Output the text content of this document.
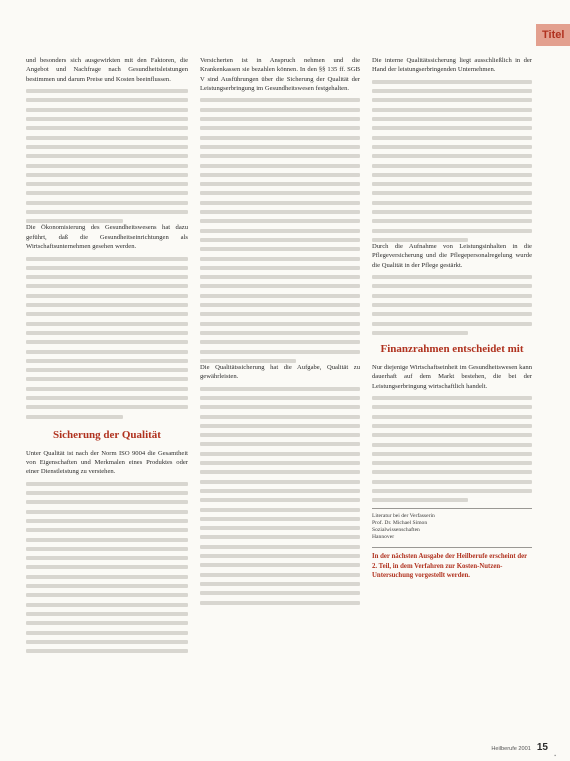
Titel

und besonders sich ausgewirkten mit den Faktoren, die Angebot und Nachfrage nach Gesundheitsleistungen bestimmen und darum Preise und Kosten beeinflussen.

Die Ökonomisierung des Gesundheitswesens hat dazu geführt, daß die Gesundheitseinrichtungen als Wirtschaftsunternehmen gesehen werden.

Sicherung der Qualität

Unter Qualität ist nach der Norm ISO 9004 die Gesamtheit von Eigenschaften und Merkmalen eines Produktes oder einer Dienstleistung zu verstehen.

Versicherten ist in Anspruch nehmen und die Krankenkassen sie bezahlen können. In den §§ 135 ff. SGB V sind Ausführungen über die Sicherung der Qualität der Leistungserbringung im Gesundheitswesen festgehalten.

Die Qualitätssicherung hat die Aufgabe, Qualität zu gewährleisten.

Die interne Qualitätssicherung liegt ausschließlich in der Hand der leistungserbringenden Unternehmen.

Durch die Aufnahme von Leistungsinhalten in die Pflegeversicherung und die Pflegepersonalregelung wurde die Qualität in der Pflege gestärkt.

Finanzrahmen entscheidet mit

Nur diejenige Wirtschaftseinheit im Gesundheitswesen kann dauerhaft auf dem Markt bestehen, die bei der Leistungserbringung wirtschaftlich handelt.

Literatur bei der Verfasserin
Prof. Dr. Michael Simon
Sozialwissenschaften
Hannover

In der nächsten Ausgabe der Heilberufe erscheint der 2. Teil, in dem Verfahren zur Kosten-Nutzen-Untersuchung vorgestellt werden.

Heilberufe 2001 15
▪
